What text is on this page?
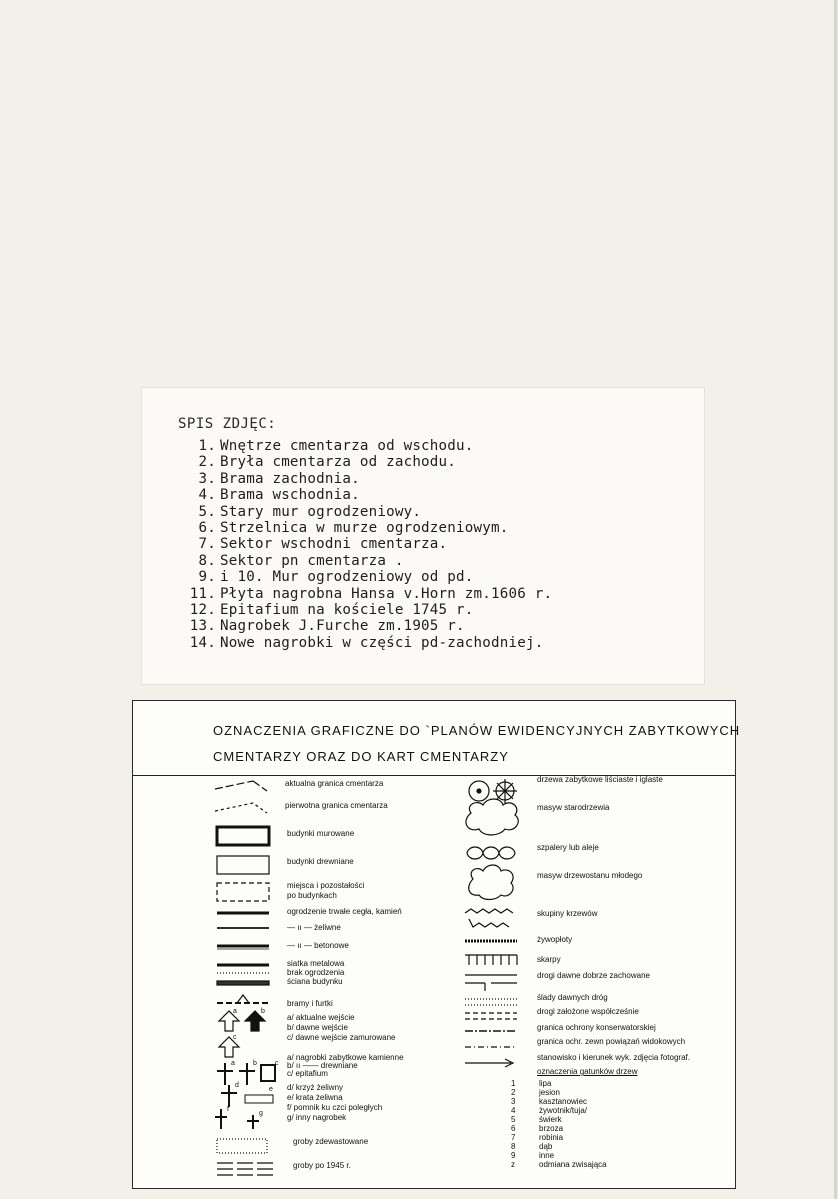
SPIS ZDJĘC:
1. Wnętrze cmentarza od wschodu.
2. Bryła cmentarza od zachodu.
3. Brama zachodnia.
4. Brama wschodnia.
5. Stary mur ogrodzeniowy.
6. Strzelnica w murze ogrodzeniowym.
7. Sektor wschodni cmentarza.
8. Sektor pn cmentarza .
9. i 10. Mur ogrodzeniowy od pd.
11. Płyta nagrobna Hansa v.Horn zm.1606 r.
12. Epitafium na kościele 1745 r.
13. Nagrobek J.Furche zm.1905 r.
14. Nowe nagrobki w części pd-zachodniej.
OZNACZENIA GRAFICZNE DO `PLANÓW EWIDENCYJNYCH ZABYTKOWYCH
CMENTARZY ORAZ DO KART CMENTARZY
a	b
c
a	b	c
d
e
f
g
aktualna granica cmentarza
pierwotna granica cmentarza
budynki murowane
budynki drewniane
miejsca i pozostałości
po budynkach
ogrodzenie trwałe cegła, kamień
— ıı — żeliwne
— ıı — betonowe
siatka metalowa
brak ogrodzenia
ściana budynku
bramy i furtki
a/ aktualne wejście
b/ dawne wejście
c/ dawne wejście zamurowane
a/ nagrobki zabytkowe kamienne
b/ ıı —— drewniane
c/ epitafium
d/ krzyż żeliwny
e/ krata żeliwna
f/ pomnik ku czci poległych
g/ inny nagrobek
groby zdewastowane
groby po 1945 r.
drzewa zabytkowe liściaste i iglaste
masyw starodrzewia
szpalery lub aleje
masyw drzewostanu młodego
skupiny krzewów
żywopłoty
skarpy
drogi dawne dobrze zachowane
ślady dawnych dróg
drogi założone współcześnie
granica ochrony konserwatorskiej
granica ochr. zewn powiązań widokowych
stanowisko i kierunek wyk. zdjęcia fotograf.
oznaczenia gatunków drzew
1	lipa
2	jesion
3	kasztanowiec
4	żywotnik/tuja/
5	świerk
6	brzoza
7	robinia
8	dąb
9	inne
z	odmiana zwisająca
